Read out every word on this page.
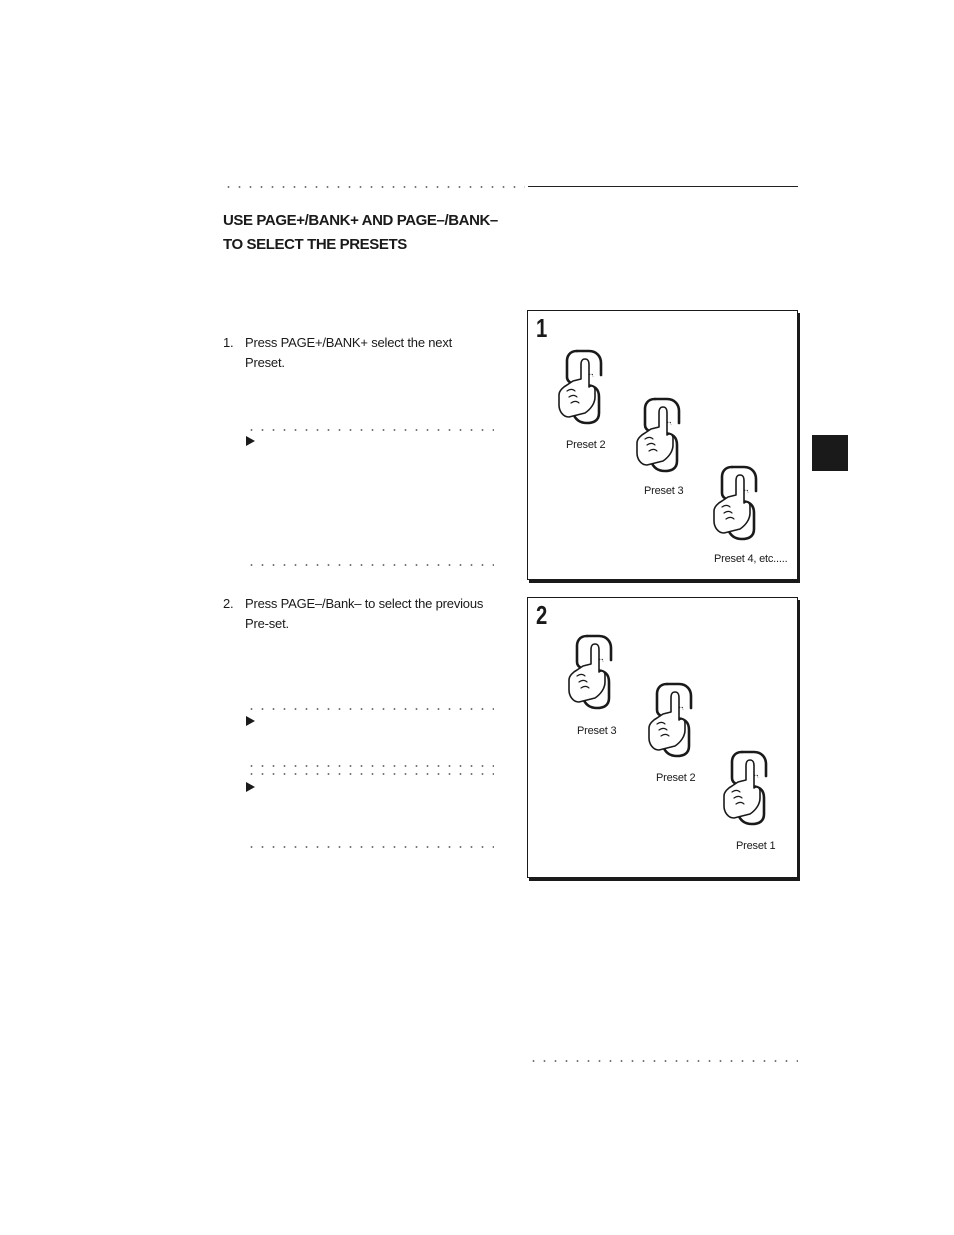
USE PAGE+/BANK+ AND PAGE–/BANK–
TO SELECT THE PRESETS
1. Press PAGE+/BANK+ select the next Preset.
2. Press PAGE–/Bank– to select the previous Pre-set.
1
Preset 2
Preset 3
Preset 4, etc.....
2
Preset 3
Preset 2
Preset 1
